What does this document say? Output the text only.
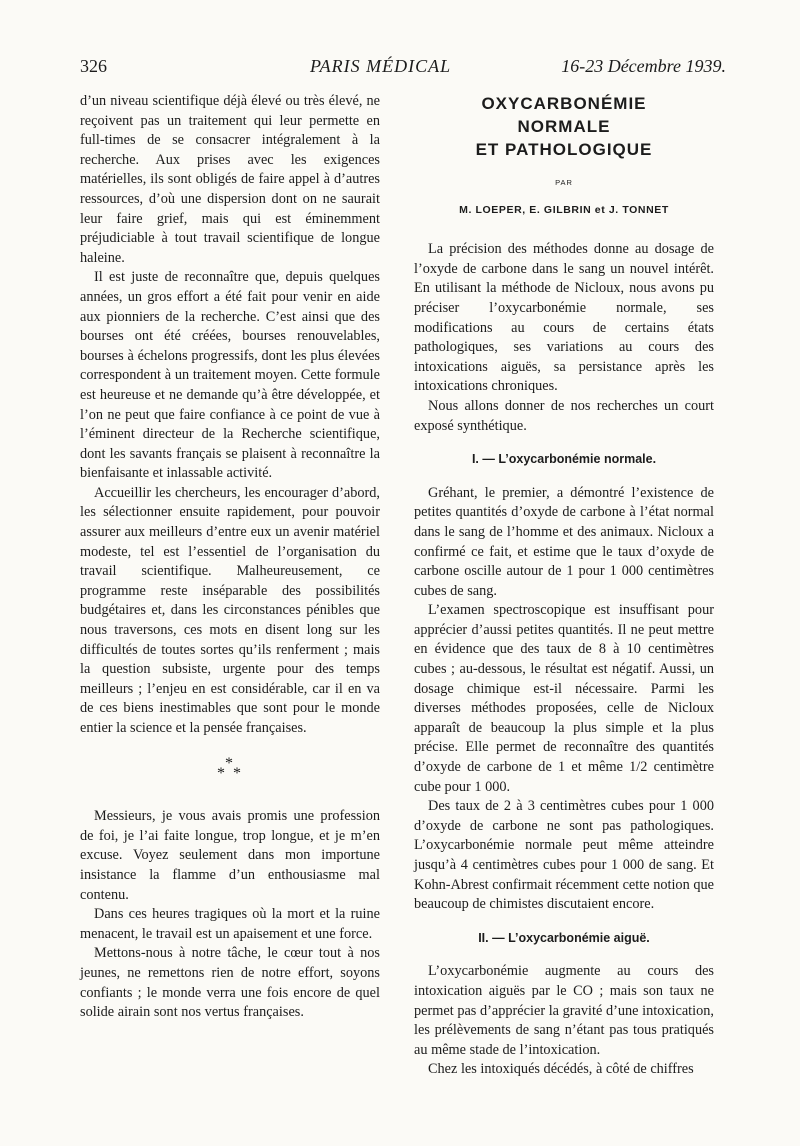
326	PARIS MÉDICAL	16-23 Décembre 1939.

d’un niveau scientifique déjà élevé ou très élevé, ne reçoivent pas un traitement qui leur permette en full-times de se consacrer intégralement à la recherche. Aux prises avec les exigences matérielles, ils sont obligés de faire appel à d’autres ressources, d’où une dispersion dont on ne saurait leur faire grief, mais qui est éminemment préjudiciable à tout travail scientifique de longue haleine.

Il est juste de reconnaître que, depuis quelques années, un gros effort a été fait pour venir en aide aux pionniers de la recherche. C’est ainsi que des bourses ont été créées, bourses renouvelables, bourses à échelons progressifs, dont les plus élevées correspondent à un traitement moyen. Cette formule est heureuse et ne demande qu’à être développée, et l’on ne peut que faire confiance à ce point de vue à l’éminent directeur de la Recherche scientifique, dont les savants français se plaisent à reconnaître la bienfaisante et inlassable activité.

Accueillir les chercheurs, les encourager d’abord, les sélectionner ensuite rapidement, pour pouvoir assurer aux meilleurs d’entre eux un avenir matériel modeste, tel est l’essentiel de l’organisation du travail scientifique. Malheureusement, ce programme reste inséparable des possibilités budgétaires et, dans les circonstances pénibles que nous traversons, ces mots en disent long sur les difficultés de toutes sortes qu’ils renferment ; mais la question subsiste, urgente pour des temps meilleurs ; l’enjeu en est considérable, car il en va de ces biens inestimables que sont pour le monde entier la science et la pensée françaises.

*
* *

Messieurs, je vous avais promis une profession de foi, je l’ai faite longue, trop longue, et je m’en excuse. Voyez seulement dans mon importune insistance la flamme d’un enthousiasme mal contenu.

Dans ces heures tragiques où la mort et la ruine menacent, le travail est un apaisement et une force.

Mettons-nous à notre tâche, le cœur tout à nos jeunes, ne remettons rien de notre effort, soyons confiants ; le monde verra une fois encore de quel solide airain sont nos vertus françaises.

OXYCARBONÉMIE
NORMALE
ET PATHOLOGIQUE
PAR
M. LOEPER, E. GILBRIN et J. TONNET

La précision des méthodes donne au dosage de l’oxyde de carbone dans le sang un nouvel intérêt. En utilisant la méthode de Nicloux, nous avons pu préciser l’oxycarbonémie normale, ses modifications au cours de certains états pathologiques, ses variations au cours des intoxications aiguës, sa persistance après les intoxications chroniques.

Nous allons donner de nos recherches un court exposé synthétique.

I. — L’oxycarbonémie normale.

Gréhant, le premier, a démontré l’existence de petites quantités d’oxyde de carbone à l’état normal dans le sang de l’homme et des animaux. Nicloux a confirmé ce fait, et estime que le taux d’oxyde de carbone oscille autour de 1 pour 1 000 centimètres cubes de sang.

L’examen spectroscopique est insuffisant pour apprécier d’aussi petites quantités. Il ne peut mettre en évidence que des taux de 8 à 10 centimètres cubes ; au-dessous, le résultat est négatif. Aussi, un dosage chimique est-il nécessaire. Parmi les diverses méthodes proposées, celle de Nicloux apparaît de beaucoup la plus simple et la plus précise. Elle permet de reconnaître des quantités d’oxyde de carbone de 1 et même 1/2 centimètre cube pour 1 000.

Des taux de 2 à 3 centimètres cubes pour 1 000 d’oxyde de carbone ne sont pas pathologiques. L’oxycarbonémie normale peut même atteindre jusqu’à 4 centimètres cubes pour 1 000 de sang. Et Kohn-Abrest confirmait récemment cette notion que beaucoup de chimistes discutaient encore.

II. — L’oxycarbonémie aiguë.

L’oxycarbonémie augmente au cours des intoxication aiguës par le CO ; mais son taux ne permet pas d’apprécier la gravité d’une intoxication, les prélèvements de sang n’étant pas tous pratiqués au même stade de l’intoxication.

Chez les intoxiqués décédés, à côté de chiffres
